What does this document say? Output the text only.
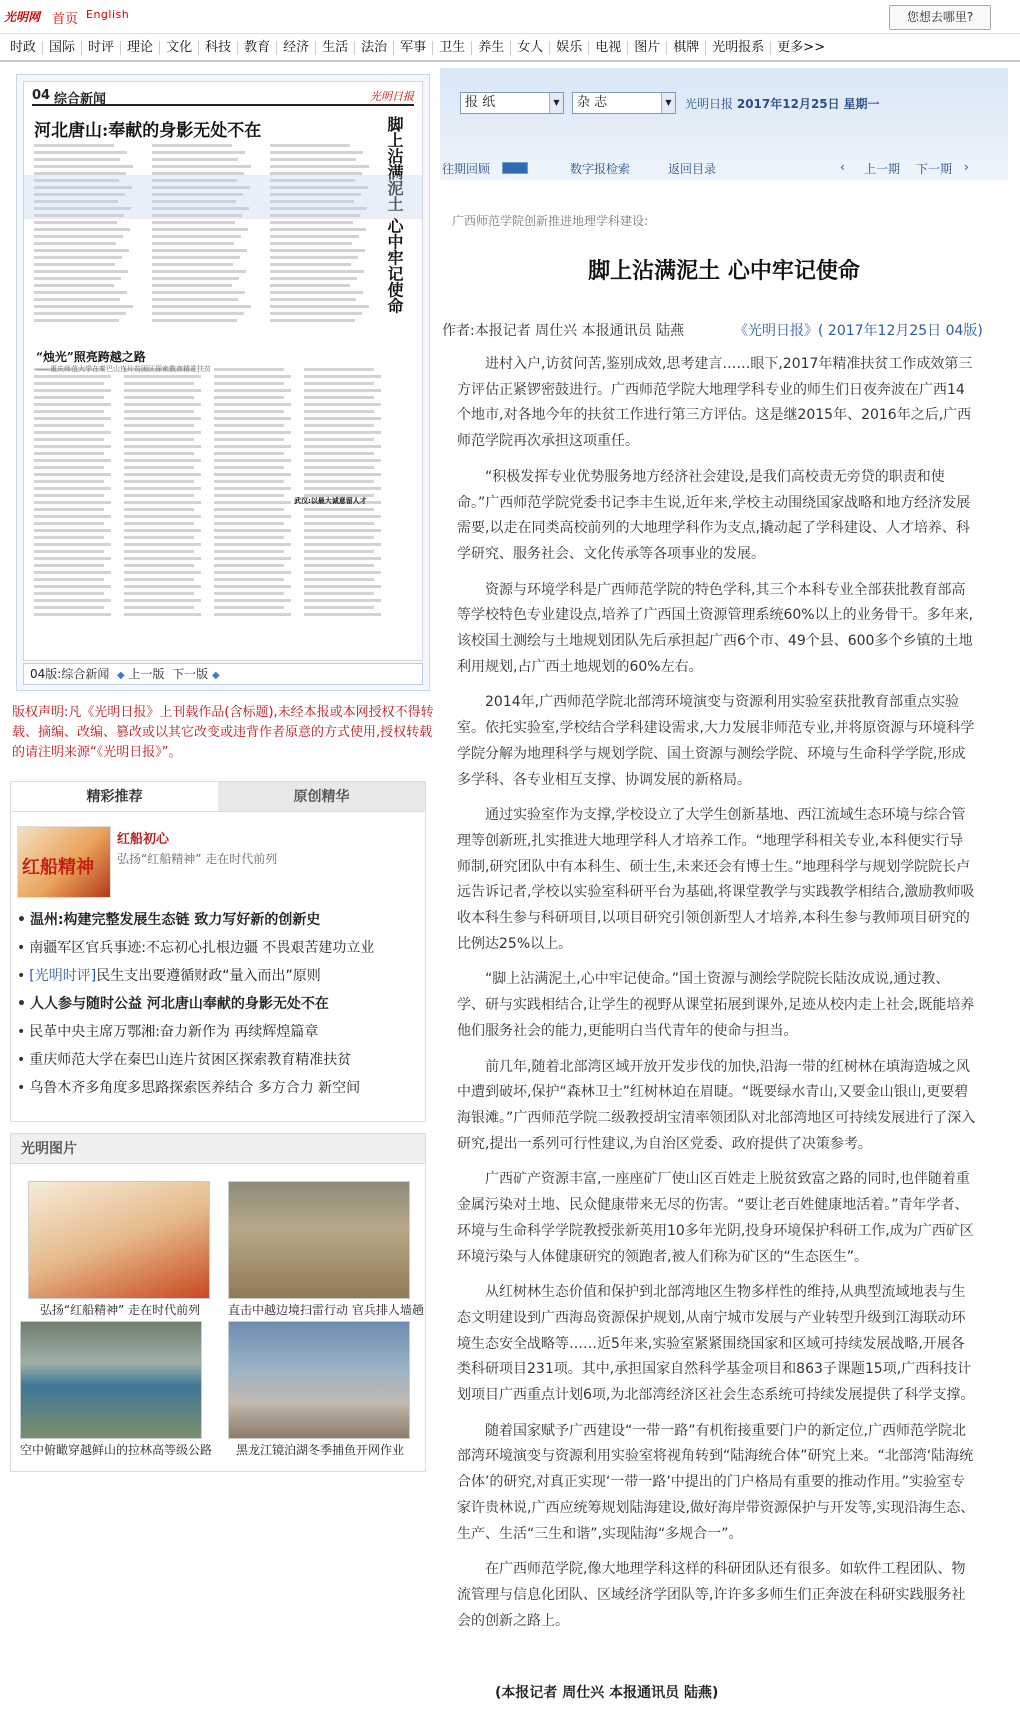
光明网 首页 English	您想去哪里?
时政	国际	时评	理论	文化	科技	教育	经济	生活	法治	军事	卫生	养生	女人	娱乐	电视	图片	棋牌	光明报系	更多>>
04 综合新闻	光明日报
河北唐山:奉献的身影无处不在	脚上沾满泥土 心中牢记使命
“烛光”照亮跨越之路
——重庆师范大学在秦巴山连片贫困区探索教育精准扶贫
武汉:以最大诚意留人才
04版:综合新闻 ◆ 上一版 下一版 ◆
版权声明:凡《光明日报》上刊载作品(含标题),未经本报或本网授权不得转载、摘编、改编、篡改或以其它改变或违背作者原意的方式使用,授权转载的请注明来源“《光明日报》”。
精彩推荐	原创精华
红船精神
红船初心
弘扬“红船精神” 走在时代前列
• 温州:构建完整发展生态链 致力写好新的创新史
• 南疆军区官兵事迹:不忘初心扎根边疆 不畏艰苦建功立业
• [光明时评]民生支出要遵循财政“量入而出”原则
• 人人参与随时公益 河北唐山奉献的身影无处不在
• 民革中央主席万鄂湘:奋力新作为 再续辉煌篇章
• 重庆师范大学在秦巴山连片贫困区探索教育精准扶贫
• 乌鲁木齐多角度多思路探索医养结合 多方合力 新空间
光明图片
弘扬“红船精神” 走在时代前列	直击中越边境扫雷行动 官兵排人墙趟
空中俯瞰穿越鲜山的拉林高等级公路	黑龙江镜泊湖冬季捕鱼开网作业
报 纸	▼	杂 志	▼ 光明日报 2017年12月25日 星期一
往期回顾	数字报检索	返回目录	‹ 上一期 下一期 ›
广西师范学院创新推进地理学科建设:
脚上沾满泥土 心中牢记使命
作者:本报记者 周仕兴 本报通讯员 陆燕	《光明日报》( 2017年12月25日 04版)

进村入户,访贫问苦,鉴别成效,思考建言……眼下,2017年精准扶贫工作成效第三方评估正紧锣密鼓进行。广西师范学院大地理学科专业的师生们日夜奔波在广西14个地市,对各地今年的扶贫工作进行第三方评估。这是继2015年、2016年之后,广西师范学院再次承担这项重任。

“积极发挥专业优势服务地方经济社会建设,是我们高校责无旁贷的职责和使命。”广西师范学院党委书记李丰生说,近年来,学校主动围绕国家战略和地方经济发展需要,以走在同类高校前列的大地理学科作为支点,撬动起了学科建设、人才培养、科学研究、服务社会、文化传承等各项事业的发展。

资源与环境学科是广西师范学院的特色学科,其三个本科专业全部获批教育部高等学校特色专业建设点,培养了广西国土资源管理系统60%以上的业务骨干。多年来,该校国土测绘与土地规划团队先后承担起广西6个市、49个县、600多个乡镇的土地利用规划,占广西土地规划的60%左右。

2014年,广西师范学院北部湾环境演变与资源利用实验室获批教育部重点实验室。依托实验室,学校结合学科建设需求,大力发展非师范专业,并将原资源与环境科学学院分解为地理科学与规划学院、国土资源与测绘学院、环境与生命科学学院,形成多学科、各专业相互支撑、协调发展的新格局。

通过实验室作为支撑,学校设立了大学生创新基地、西江流域生态环境与综合管理等创新班,扎实推进大地理学科人才培养工作。“地理学科相关专业,本科便实行导师制,研究团队中有本科生、硕士生,未来还会有博士生。”地理科学与规划学院院长卢远告诉记者,学校以实验室科研平台为基础,将课堂教学与实践教学相结合,激励教师吸收本科生参与科研项目,以项目研究引领创新型人才培养,本科生参与教师项目研究的比例达25%以上。

“脚上沾满泥土,心中牢记使命。”国土资源与测绘学院院长陆汝成说,通过教、学、研与实践相结合,让学生的视野从课堂拓展到课外,足迹从校内走上社会,既能培养他们服务社会的能力,更能明白当代青年的使命与担当。

前几年,随着北部湾区域开放开发步伐的加快,沿海一带的红树林在填海造城之风中遭到破坏,保护“森林卫士”红树林迫在眉睫。“既要绿水青山,又要金山银山,更要碧海银滩。”广西师范学院二级教授胡宝清率领团队对北部湾地区可持续发展进行了深入研究,提出一系列可行性建议,为自治区党委、政府提供了决策参考。

广西矿产资源丰富,一座座矿厂使山区百姓走上脱贫致富之路的同时,也伴随着重金属污染对土地、民众健康带来无尽的伤害。“要让老百姓健康地活着。”青年学者、环境与生命科学学院教授张新英用10多年光阴,投身环境保护科研工作,成为广西矿区环境污染与人体健康研究的领跑者,被人们称为矿区的“生态医生”。

从红树林生态价值和保护到北部湾地区生物多样性的维持,从典型流域地表与生态文明建设到广西海岛资源保护规划,从南宁城市发展与产业转型升级到江海联动环境生态安全战略等……近5年来,实验室紧紧围绕国家和区域可持续发展战略,开展各类科研项目231项。其中,承担国家自然科学基金项目和863子课题15项,广西科技计划项目广西重点计划6项,为北部湾经济区社会生态系统可持续发展提供了科学支撑。

随着国家赋予广西建设“一带一路”有机衔接重要门户的新定位,广西师范学院北部湾环境演变与资源利用实验室将视角转到“陆海统合体”研究上来。“北部湾‘陆海统合体’的研究,对真正实现‘一带一路’中提出的门户格局有重要的推动作用。”实验室专家许贵林说,广西应统筹规划陆海建设,做好海岸带资源保护与开发等,实现沿海生态、生产、生活“三生和谐”,实现陆海“多规合一”。

在广西师范学院,像大地理学科这样的科研团队还有很多。如软件工程团队、物流管理与信息化团队、区域经济学团队等,许许多多师生们正奔波在科研实践服务社会的创新之路上。

(本报记者 周仕兴 本报通讯员 陆燕)
